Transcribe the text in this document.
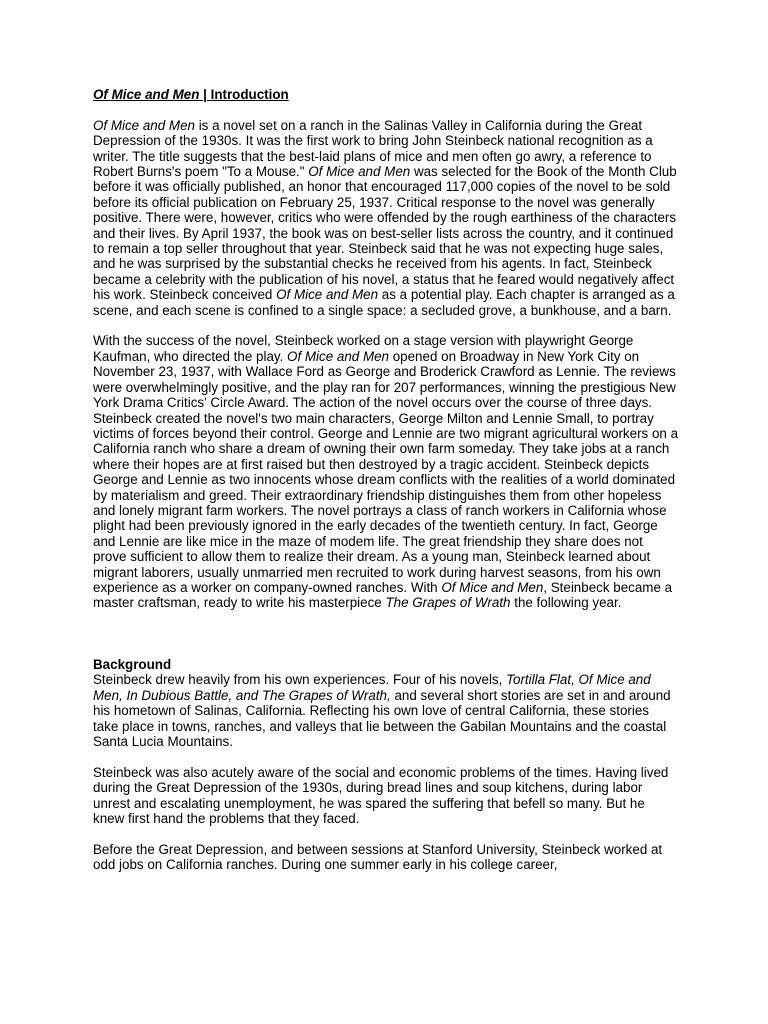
Of Mice and Men | Introduction

Of Mice and Men is a novel set on a ranch in the Salinas Valley in California during the Great Depression of the 1930s. It was the first work to bring John Steinbeck national recognition as a writer. The title suggests that the best-laid plans of mice and men often go awry, a reference to Robert Burns's poem "To a Mouse." Of Mice and Men was selected for the Book of the Month Club before it was officially published, an honor that encouraged 117,000 copies of the novel to be sold before its official publication on February 25, 1937. Critical response to the novel was generally positive. There were, however, critics who were offended by the rough earthiness of the characters and their lives. By April 1937, the book was on best-seller lists across the country, and it continued to remain a top seller throughout that year. Steinbeck said that he was not expecting huge sales, and he was surprised by the substantial checks he received from his agents. In fact, Steinbeck became a celebrity with the publication of his novel, a status that he feared would negatively affect his work. Steinbeck conceived Of Mice and Men as a potential play. Each chapter is arranged as a scene, and each scene is confined to a single space: a secluded grove, a bunkhouse, and a barn.

With the success of the novel, Steinbeck worked on a stage version with playwright George Kaufman, who directed the play. Of Mice and Men opened on Broadway in New York City on November 23, 1937, with Wallace Ford as George and Broderick Crawford as Lennie. The reviews were overwhelmingly positive, and the play ran for 207 performances, winning the prestigious New York Drama Critics' Circle Award. The action of the novel occurs over the course of three days. Steinbeck created the novel's two main characters, George Milton and Lennie Small, to portray victims of forces beyond their control. George and Lennie are two migrant agricultural workers on a California ranch who share a dream of owning their own farm someday. They take jobs at a ranch where their hopes are at first raised but then destroyed by a tragic accident. Steinbeck depicts George and Lennie as two innocents whose dream conflicts with the realities of a world dominated by materialism and greed. Their extraordinary friendship distinguishes them from other hopeless and lonely migrant farm workers. The novel portrays a class of ranch workers in California whose plight had been previously ignored in the early decades of the twentieth century. In fact, George and Lennie are like mice in the maze of modem life. The great friendship they share does not prove sufficient to allow them to realize their dream. As a young man, Steinbeck learned about migrant laborers, usually unmarried men recruited to work during harvest seasons, from his own experience as a worker on company-owned ranches. With Of Mice and Men, Steinbeck became a master craftsman, ready to write his masterpiece The Grapes of Wrath the following year.

Background

Steinbeck drew heavily from his own experiences. Four of his novels, Tortilla Flat, Of Mice and Men, In Dubious Battle, and The Grapes of Wrath, and several short stories are set in and around his hometown of Salinas, California. Reflecting his own love of central California, these stories take place in towns, ranches, and valleys that lie between the Gabilan Mountains and the coastal Santa Lucia Mountains.

Steinbeck was also acutely aware of the social and economic problems of the times. Having lived during the Great Depression of the 1930s, during bread lines and soup kitchens, during labor unrest and escalating unemployment, he was spared the suffering that befell so many. But he knew first hand the problems that they faced.

Before the Great Depression, and between sessions at Stanford University, Steinbeck worked at odd jobs on California ranches. During one summer early in his college career,
